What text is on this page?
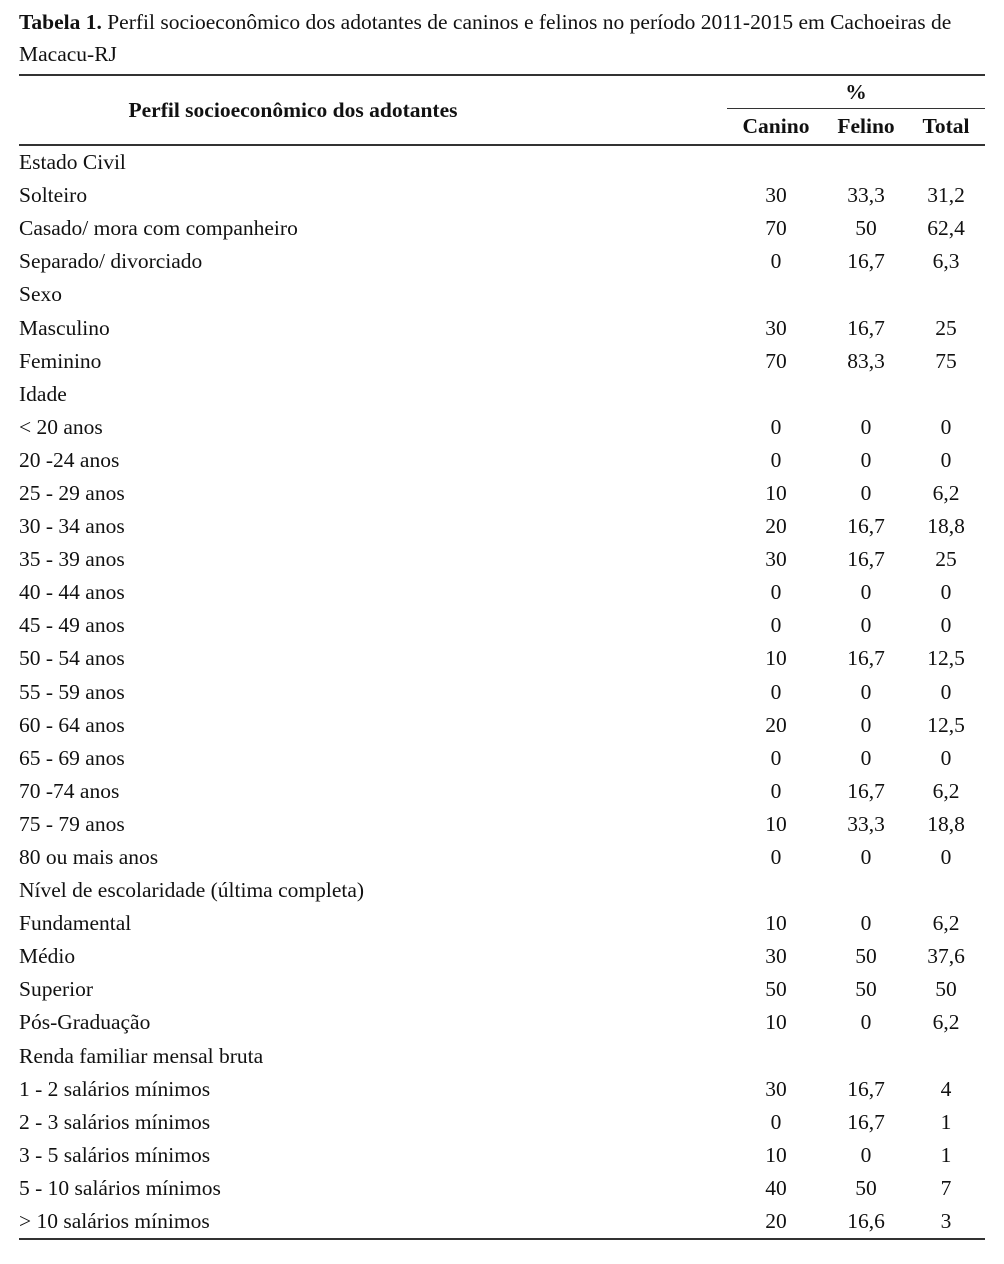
Tabela 1. Perfil socioeconômico dos adotantes de caninos e felinos no período 2011-2015 em Cachoeiras de Macacu-RJ

Perfil socioeconômico dos adotantes	%		
	Canino	Felino	Total
Estado Civil			
Solteiro	30	33,3	31,2
Casado/ mora com companheiro	70	50	62,4
Separado/ divorciado	0	16,7	6,3
Sexo			
Masculino	30	16,7	25
Feminino	70	83,3	75
Idade			
< 20 anos	0	0	0
20 -24 anos	0	0	0
25 - 29 anos	10	0	6,2
30 - 34 anos	20	16,7	18,8
35 - 39 anos	30	16,7	25
40 - 44 anos	0	0	0
45 - 49 anos	0	0	0
50 - 54 anos	10	16,7	12,5
55 - 59 anos	0	0	0
60 - 64 anos	20	0	12,5
65 - 69 anos	0	0	0
70 -74 anos	0	16,7	6,2
75 - 79 anos	10	33,3	18,8
80 ou mais anos	0	0	0
Nível de escolaridade (última completa)			
Fundamental	10	0	6,2
Médio	30	50	37,6
Superior	50	50	50
Pós-Graduação	10	0	6,2
Renda familiar mensal bruta			
1 - 2 salários mínimos	30	16,7	4
2 - 3 salários mínimos	0	16,7	1
3 - 5 salários mínimos	10	0	1
5 - 10 salários mínimos	40	50	7
> 10 salários mínimos	20	16,6	3
